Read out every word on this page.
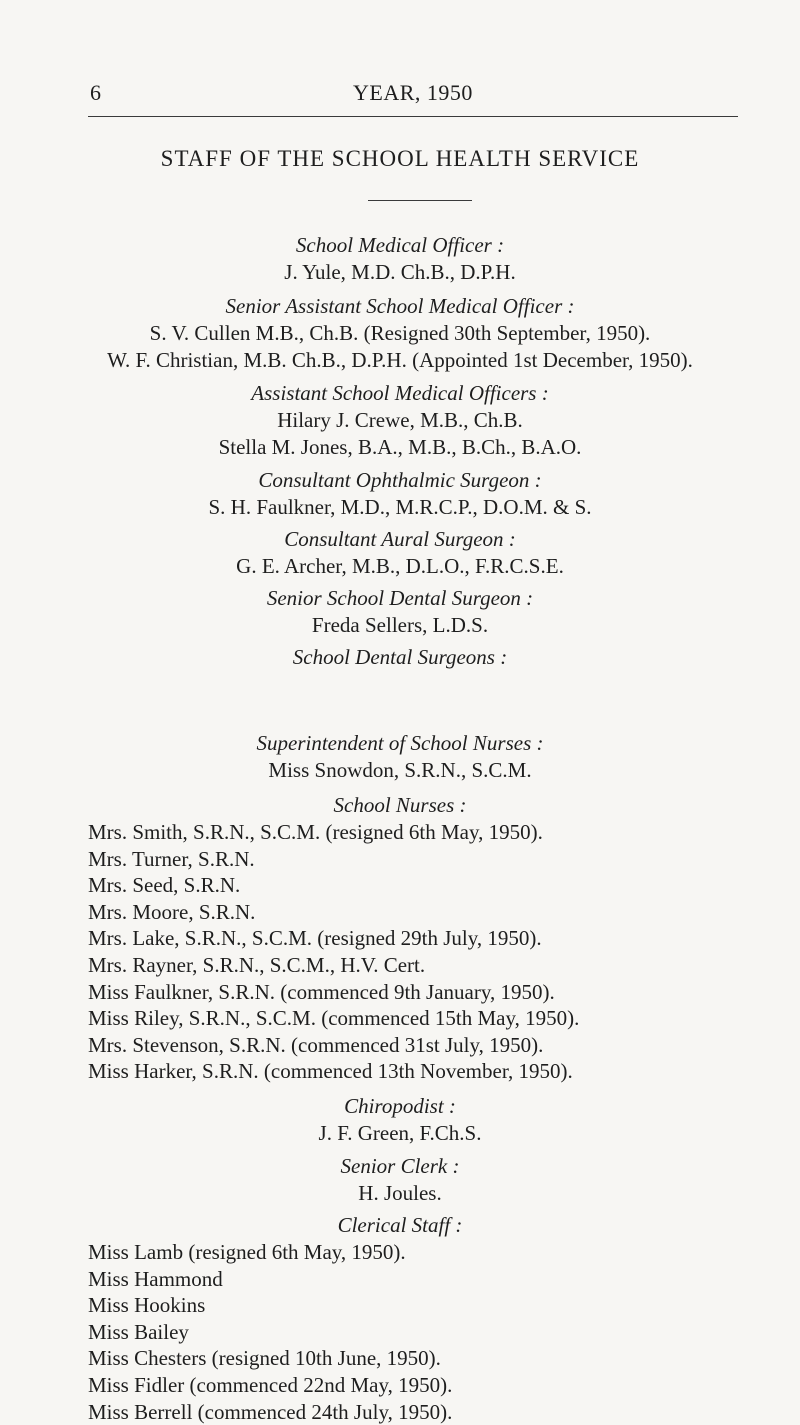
6	YEAR, 1950
STAFF OF THE SCHOOL HEALTH SERVICE
School Medical Officer :
J. Yule, M.D. Ch.B., D.P.H.
Senior Assistant School Medical Officer :
S. V. Cullen M.B., Ch.B. (Resigned 30th September, 1950).
W. F. Christian, M.B. Ch.B., D.P.H. (Appointed 1st December, 1950).
Assistant School Medical Officers :
Hilary J. Crewe, M.B., Ch.B.
Stella M. Jones, B.A., M.B., B.Ch., B.A.O.
Consultant Ophthalmic Surgeon :
S. H. Faulkner, M.D., M.R.C.P., D.O.M. & S.
Consultant Aural Surgeon :
G. E. Archer, M.B., D.L.O., F.R.C.S.E.
Senior School Dental Surgeon :
Freda Sellers, L.D.S.
School Dental Surgeons :
Superintendent of School Nurses :
Miss Snowdon, S.R.N., S.C.M.
School Nurses :
Mrs. Smith, S.R.N., S.C.M. (resigned 6th May, 1950).
Mrs. Turner, S.R.N.
Mrs. Seed, S.R.N.
Mrs. Moore, S.R.N.
Mrs. Lake, S.R.N., S.C.M. (resigned 29th July, 1950).
Mrs. Rayner, S.R.N., S.C.M., H.V. Cert.
Miss Faulkner, S.R.N. (commenced 9th January, 1950).
Miss Riley, S.R.N., S.C.M. (commenced 15th May, 1950).
Mrs. Stevenson, S.R.N. (commenced 31st July, 1950).
Miss Harker, S.R.N. (commenced 13th November, 1950).
Chiropodist :
J. F. Green, F.Ch.S.
Senior Clerk :
H. Joules.
Clerical Staff :
Miss Lamb (resigned 6th May, 1950).
Miss Hammond
Miss Hookins
Miss Bailey
Miss Chesters (resigned 10th June, 1950).
Miss Fidler (commenced 22nd May, 1950).
Miss Berrell (commenced 24th July, 1950).
